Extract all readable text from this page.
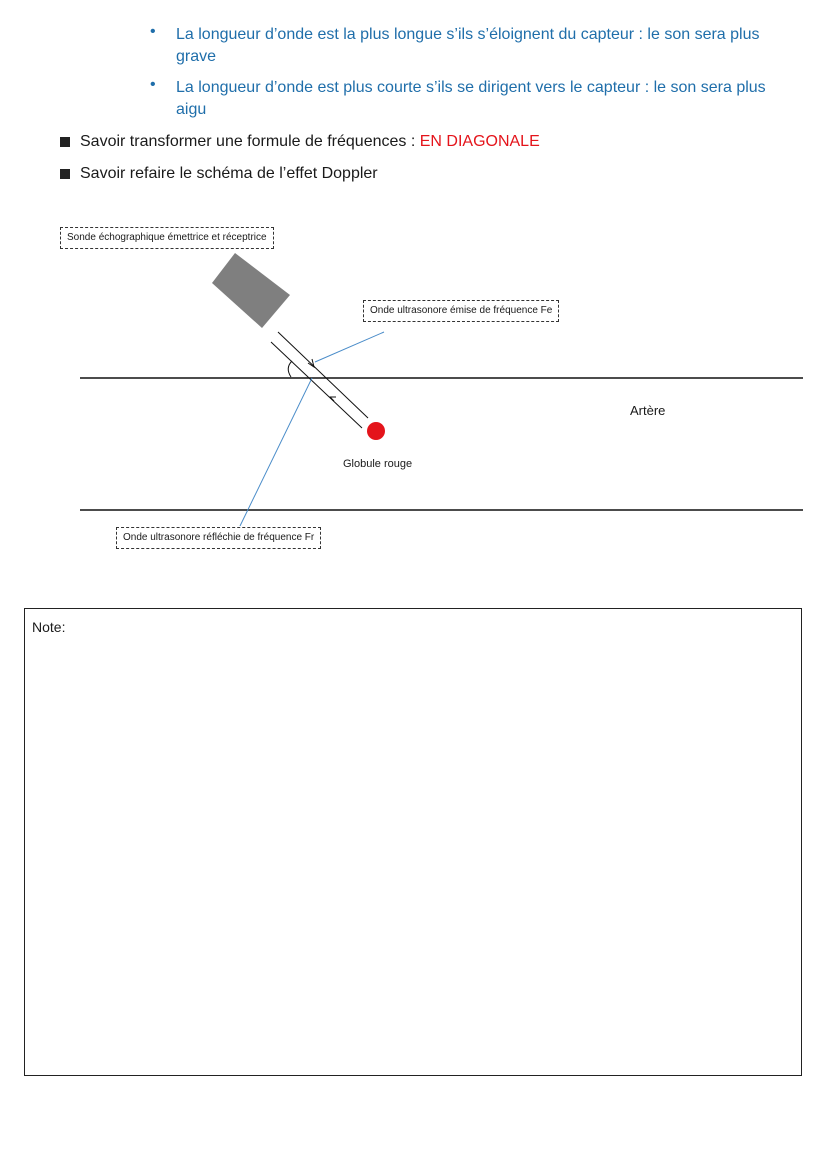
• La longueur d’onde est la plus longue s’ils s’éloignent du capteur : le son sera plus grave
• La longueur d’onde est plus courte s’ils se dirigent vers le capteur : le son sera plus aigu
Savoir transformer une formule de fréquences : EN DIAGONALE
Savoir refaire le schéma de l’effet Doppler
Sonde échographique émettrice et réceptrice
Onde ultrasonore émise de fréquence Fe
Onde ultrasonore réfléchie de fréquence Fr
Artère
Globule rouge
Note:
